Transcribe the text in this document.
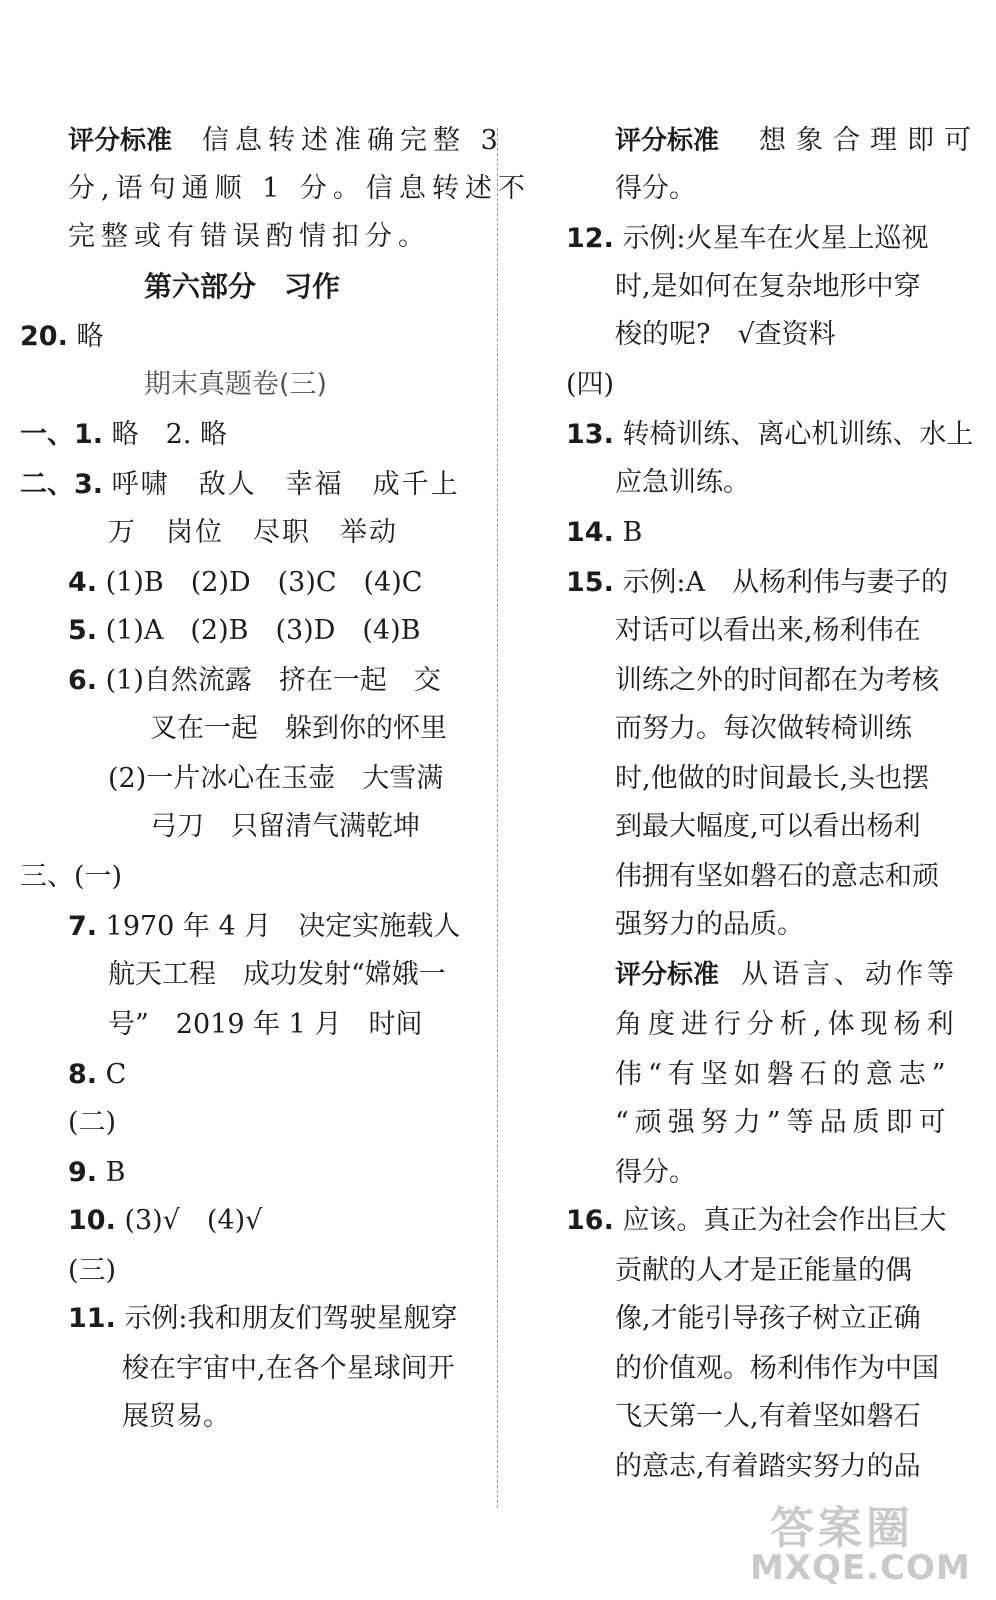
评分标准 信息转述准确完整 3
分,语句通顺 1 分。信息转述不
完整或有错误酌情扣分。
第六部分　习作
20. 略
期末真题卷(三)
一、1. 略　2. 略
二、3. 呼啸　敌人　幸福　成千上
万　岗位　尽职　举动
4. (1)B　(2)D　(3)C　(4)C
5. (1)A　(2)B　(3)D　(4)B
6. (1)自然流露　挤在一起　交
叉在一起　躲到你的怀里
(2)一片冰心在玉壶　大雪满
弓刀　只留清气满乾坤
三、(一)
7. 1970 年 4 月　决定实施载人
航天工程　成功发射“嫦娥一
号”　2019 年 1 月　时间
8. C
(二)
9. B
10. (3)√　(4)√
(三)
11. 示例:我和朋友们驾驶星舰穿
梭在宇宙中,在各个星球间开
展贸易。
评分标准 想象合理即可
得分。
12. 示例:火星车在火星上巡视
时,是如何在复杂地形中穿
梭的呢?　√查资料
(四)
13. 转椅训练、离心机训练、水上
应急训练。
14. B
15. 示例:A　从杨利伟与妻子的
对话可以看出来,杨利伟在
训练之外的时间都在为考核
而努力。每次做转椅训练
时,他做的时间最长,头也摆
到最大幅度,可以看出杨利
伟拥有坚如磐石的意志和顽
强努力的品质。
评分标准 从语言、动作等
角度进行分析,体现杨利
伟“有坚如磐石的意志”
“顽强努力”等品质即可
得分。
16. 应该。真正为社会作出巨大
贡献的人才是正能量的偶
像,才能引导孩子树立正确
的价值观。杨利伟作为中国
飞天第一人,有着坚如磐石
的意志,有着踏实努力的品
答案圈
MXQE.COM
